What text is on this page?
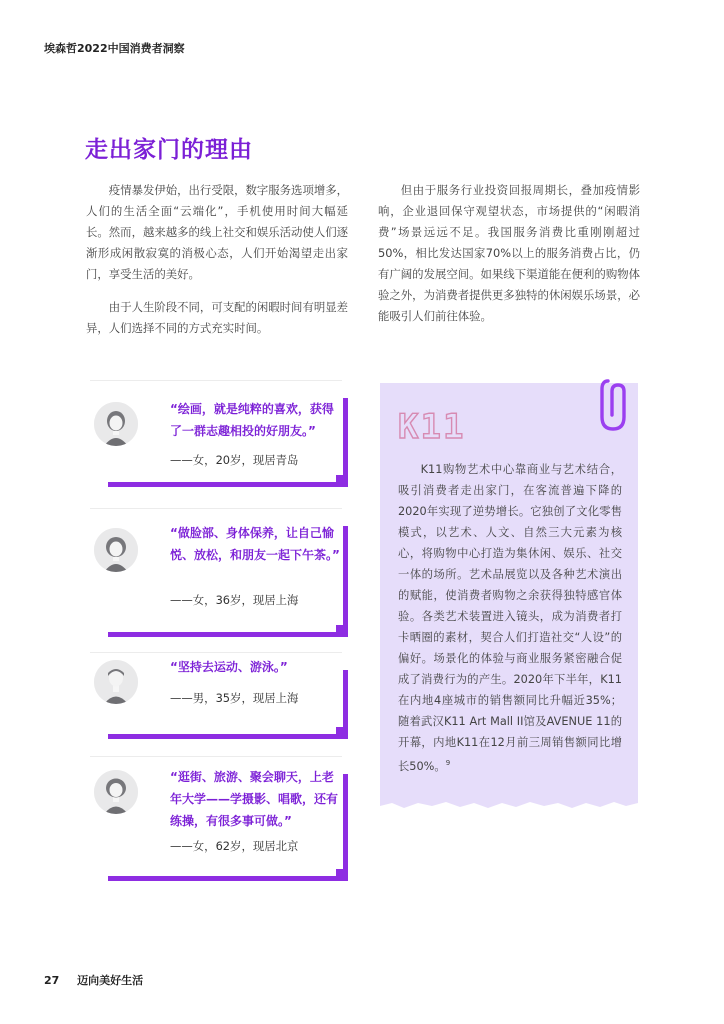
埃森哲2022中国消费者洞察
走出家门的理由

疫情暴发伊始，出行受限，数字服务选项增多，人们的生活全面“云端化”，手机使用时间大幅延长。然而，越来越多的线上社交和娱乐活动使人们逐渐形成闲散寂寞的消极心态，人们开始渴望走出家门，享受生活的美好。

由于人生阶段不同，可支配的闲暇时间有明显差异，人们选择不同的方式充实时间。

但由于服务行业投资回报周期长，叠加疫情影响，企业退回保守观望状态，市场提供的“闲暇消费”场景远远不足。我国服务消费比重刚刚超过50%，相比发达国家70%以上的服务消费占比，仍有广阔的发展空间。如果线下渠道能在便利的购物体验之外，为消费者提供更多独特的休闲娱乐场景，必能吸引人们前往体验。

“绘画，就是纯粹的喜欢，获得了一群志趣相投的好朋友。”
——女，20岁，现居青岛
“做脸部、身体保养，让自己愉悦、放松，和朋友一起下午茶。”
——女，36岁，现居上海
“坚持去运动、游泳。”
——男，35岁，现居上海
“逛街、旅游、聚会聊天，上老年大学——学摄影、唱歌，还有练操，有很多事可做。”
——女，62岁，现居北京
K11

K11购物艺术中心靠商业与艺术结合，吸引消费者走出家门，在客流普遍下降的2020年实现了逆势增长。它独创了文化零售模式，以艺术、人文、自然三大元素为核心，将购物中心打造为集休闲、娱乐、社交一体的场所。艺术品展览以及各种艺术演出的赋能，使消费者购物之余获得独特感官体验。各类艺术装置进入镜头，成为消费者打卡晒圈的素材，契合人们打造社交“人设”的偏好。场景化的体验与商业服务紧密融合促成了消费行为的产生。2020年下半年，K11在内地4座城市的销售额同比升幅近35%；随着武汉K11 Art Mall II馆及AVENUE 11的开幕，内地K11在12月前三周销售额同比增长50%。$^9$

27 迈向美好生活
